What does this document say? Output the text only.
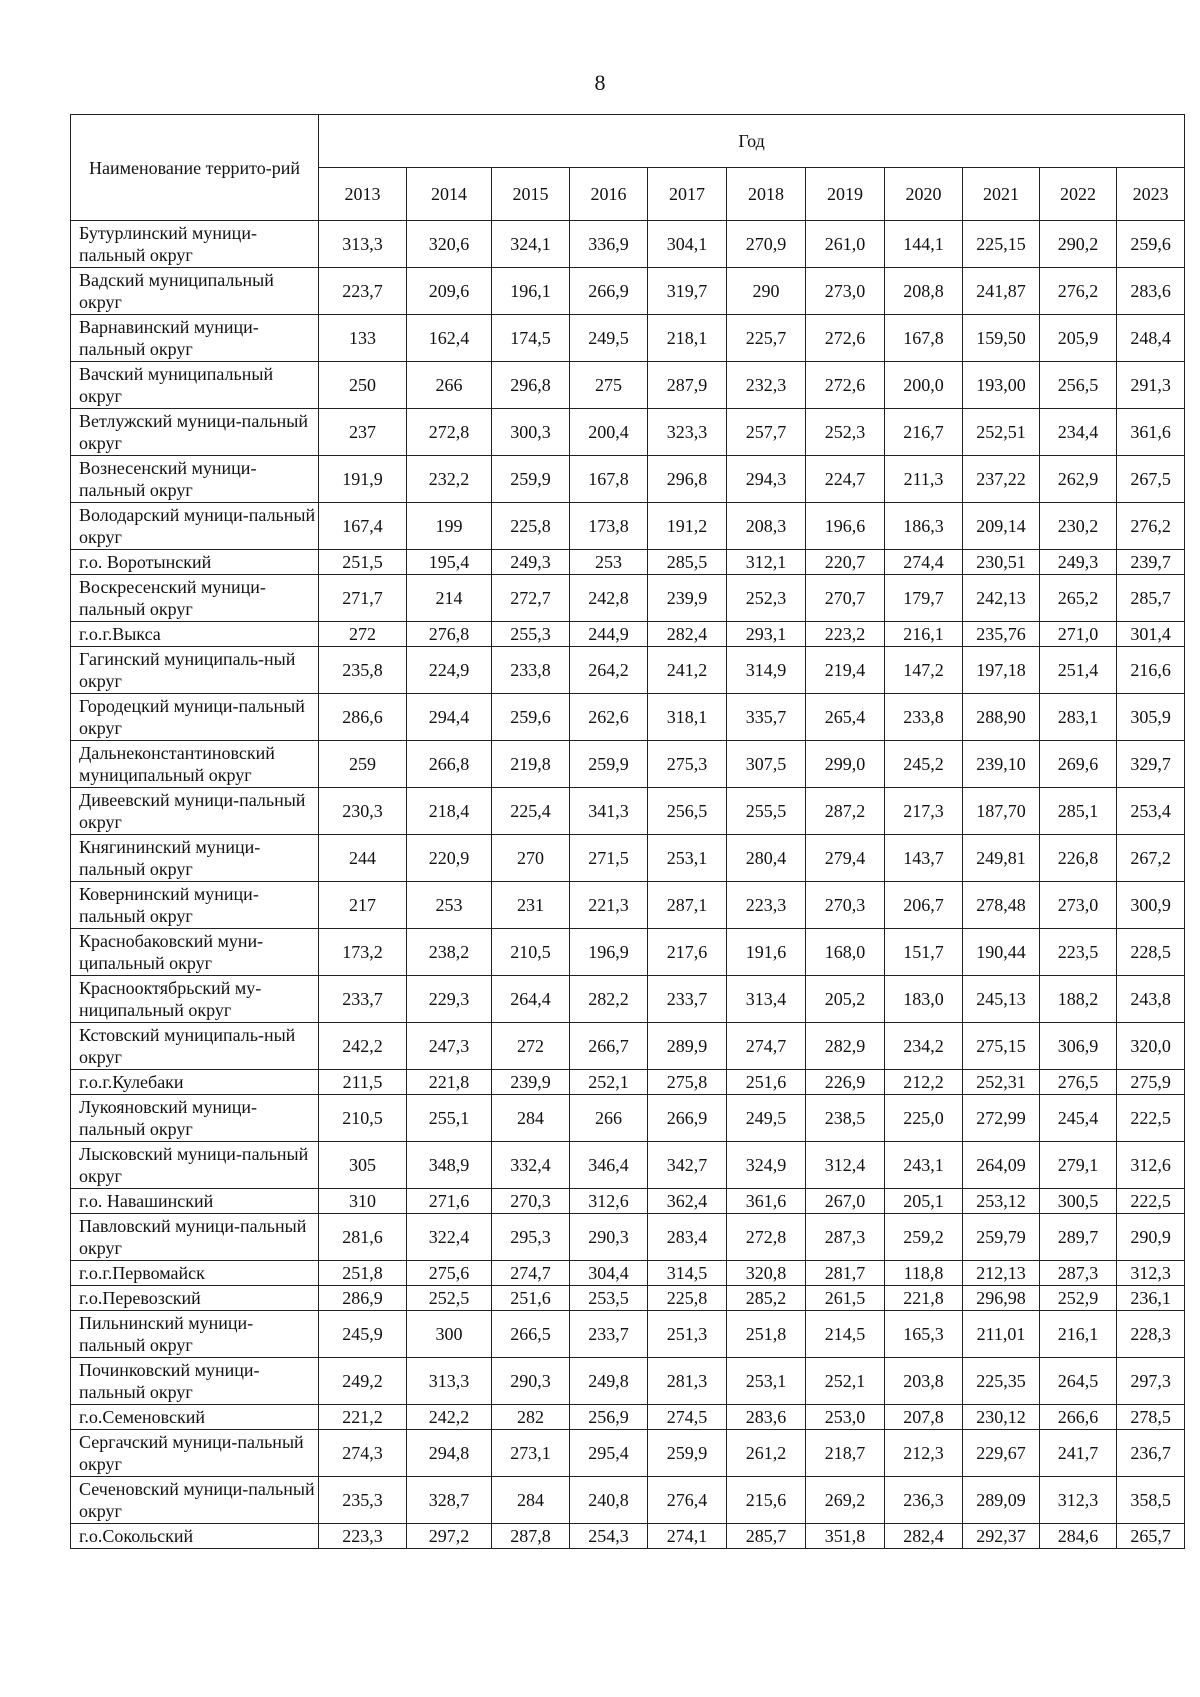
8
Наименование террито-рий	Год										
	2013	2014	2015	2016	2017	2018	2019	2020	2021	2022	2023
Бутурлинский муници-пальный округ	313,3	320,6	324,1	336,9	304,1	270,9	261,0	144,1	225,15	290,2	259,6
Вадский муниципальный округ	223,7	209,6	196,1	266,9	319,7	290	273,0	208,8	241,87	276,2	283,6
Варнавинский муници-пальный округ	133	162,4	174,5	249,5	218,1	225,7	272,6	167,8	159,50	205,9	248,4
Вачский муниципальный округ	250	266	296,8	275	287,9	232,3	272,6	200,0	193,00	256,5	291,3
Ветлужский муници-пальный округ	237	272,8	300,3	200,4	323,3	257,7	252,3	216,7	252,51	234,4	361,6
Вознесенский муници-пальный округ	191,9	232,2	259,9	167,8	296,8	294,3	224,7	211,3	237,22	262,9	267,5
Володарский муници-пальный округ	167,4	199	225,8	173,8	191,2	208,3	196,6	186,3	209,14	230,2	276,2
г.о. Воротынский	251,5	195,4	249,3	253	285,5	312,1	220,7	274,4	230,51	249,3	239,7
Воскресенский муници-пальный округ	271,7	214	272,7	242,8	239,9	252,3	270,7	179,7	242,13	265,2	285,7
г.о.г.Выкса	272	276,8	255,3	244,9	282,4	293,1	223,2	216,1	235,76	271,0	301,4
Гагинский муниципаль-ный округ	235,8	224,9	233,8	264,2	241,2	314,9	219,4	147,2	197,18	251,4	216,6
Городецкий муници-пальный округ	286,6	294,4	259,6	262,6	318,1	335,7	265,4	233,8	288,90	283,1	305,9
Дальнеконстантиновский муниципальный округ	259	266,8	219,8	259,9	275,3	307,5	299,0	245,2	239,10	269,6	329,7
Дивеевский муници-пальный округ	230,3	218,4	225,4	341,3	256,5	255,5	287,2	217,3	187,70	285,1	253,4
Княгининский муници-пальный округ	244	220,9	270	271,5	253,1	280,4	279,4	143,7	249,81	226,8	267,2
Ковернинский муници-пальный округ	217	253	231	221,3	287,1	223,3	270,3	206,7	278,48	273,0	300,9
Краснобаковский муни-ципальный округ	173,2	238,2	210,5	196,9	217,6	191,6	168,0	151,7	190,44	223,5	228,5
Краснооктябрьский му-ниципальный округ	233,7	229,3	264,4	282,2	233,7	313,4	205,2	183,0	245,13	188,2	243,8
Кстовский муниципаль-ный округ	242,2	247,3	272	266,7	289,9	274,7	282,9	234,2	275,15	306,9	320,0
г.о.г.Кулебаки	211,5	221,8	239,9	252,1	275,8	251,6	226,9	212,2	252,31	276,5	275,9
Лукояновский муници-пальный округ	210,5	255,1	284	266	266,9	249,5	238,5	225,0	272,99	245,4	222,5
Лысковский муници-пальный округ	305	348,9	332,4	346,4	342,7	324,9	312,4	243,1	264,09	279,1	312,6
г.о. Навашинский	310	271,6	270,3	312,6	362,4	361,6	267,0	205,1	253,12	300,5	222,5
Павловский муници-пальный округ	281,6	322,4	295,3	290,3	283,4	272,8	287,3	259,2	259,79	289,7	290,9
г.о.г.Первомайск	251,8	275,6	274,7	304,4	314,5	320,8	281,7	118,8	212,13	287,3	312,3
г.о.Перевозский	286,9	252,5	251,6	253,5	225,8	285,2	261,5	221,8	296,98	252,9	236,1
Пильнинский муници-пальный округ	245,9	300	266,5	233,7	251,3	251,8	214,5	165,3	211,01	216,1	228,3
Починковский муници-пальный округ	249,2	313,3	290,3	249,8	281,3	253,1	252,1	203,8	225,35	264,5	297,3
г.о.Семеновский	221,2	242,2	282	256,9	274,5	283,6	253,0	207,8	230,12	266,6	278,5
Сергачский муници-пальный округ	274,3	294,8	273,1	295,4	259,9	261,2	218,7	212,3	229,67	241,7	236,7
Сеченовский муници-пальный округ	235,3	328,7	284	240,8	276,4	215,6	269,2	236,3	289,09	312,3	358,5
г.о.Сокольский	223,3	297,2	287,8	254,3	274,1	285,7	351,8	282,4	292,37	284,6	265,7
